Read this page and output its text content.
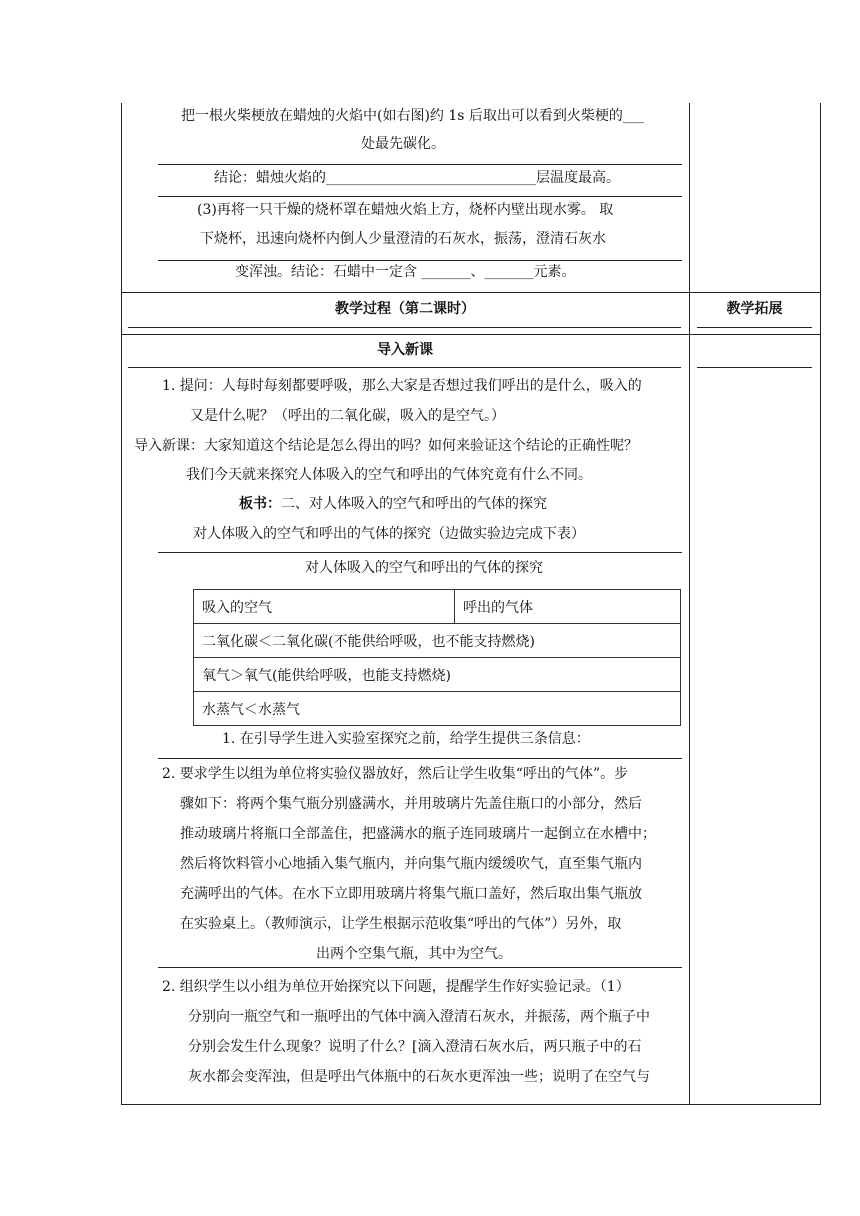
把一根火柴梗放在蜡烛的火焰中(如右图)约 1s 后取出可以看到火柴梗的___
处最先碳化。
结论：蜡烛火焰的______________________________层温度最高。
(3)再将一只干燥的烧杯罩在蜡烛火焰上方，烧杯内壁出现水雾。 取
下烧杯，迅速向烧杯内倒人少量澄清的石灰水，振荡，澄清石灰水
变浑浊。结论：石蜡中一定含 _______、_______元素。
教学过程（第二课时）	教学拓展
导入新课
1. 提问：人每时每刻都要呼吸，那么大家是否想过我们呼出的是什么，吸入的
又是什么呢？（呼出的二氧化碳，吸入的是空气。）
导入新课：大家知道这个结论是怎么得出的吗？如何来验证这个结论的正确性呢？
我们今天就来探究人体吸入的空气和呼出的气体究竟有什么不同。
板书：二、对人体吸入的空气和呼出的气体的探究
对人体吸入的空气和呼出的气体的探究（边做实验边完成下表）
对人体吸入的空气和呼出的气体的探究
吸入的空气	呼出的气体
二氧化碳＜二氧化碳(不能供给呼吸，也不能支持燃烧)
氧气＞氧气(能供给呼吸，也能支持燃烧)
水蒸气＜水蒸气
1. 在引导学生进入实验室探究之前，给学生提供三条信息：
2. 要求学生以组为单位将实验仪器放好，然后让学生收集“呼出的气体”。步
骤如下：将两个集气瓶分别盛满水，并用玻璃片先盖住瓶口的小部分，然后
推动玻璃片将瓶口全部盖住，把盛满水的瓶子连同玻璃片一起倒立在水槽中；
然后将饮料管小心地插入集气瓶内，并向集气瓶内缓缓吹气，直至集气瓶内
充满呼出的气体。在水下立即用玻璃片将集气瓶口盖好，然后取出集气瓶放
在实验桌上。（教师演示，让学生根据示范收集“呼出的气体”）另外，取
出两个空集气瓶，其中为空气。
2. 组织学生以小组为单位开始探究以下问题，提醒学生作好实验记录。（1）
分别向一瓶空气和一瓶呼出的气体中滴入澄清石灰水，并振荡，两个瓶子中
分别会发生什么现象？说明了什么？[滴入澄清石灰水后，两只瓶子中的石
灰水都会变浑浊，但是呼出气体瓶中的石灰水更浑浊一些；说明了在空气与
